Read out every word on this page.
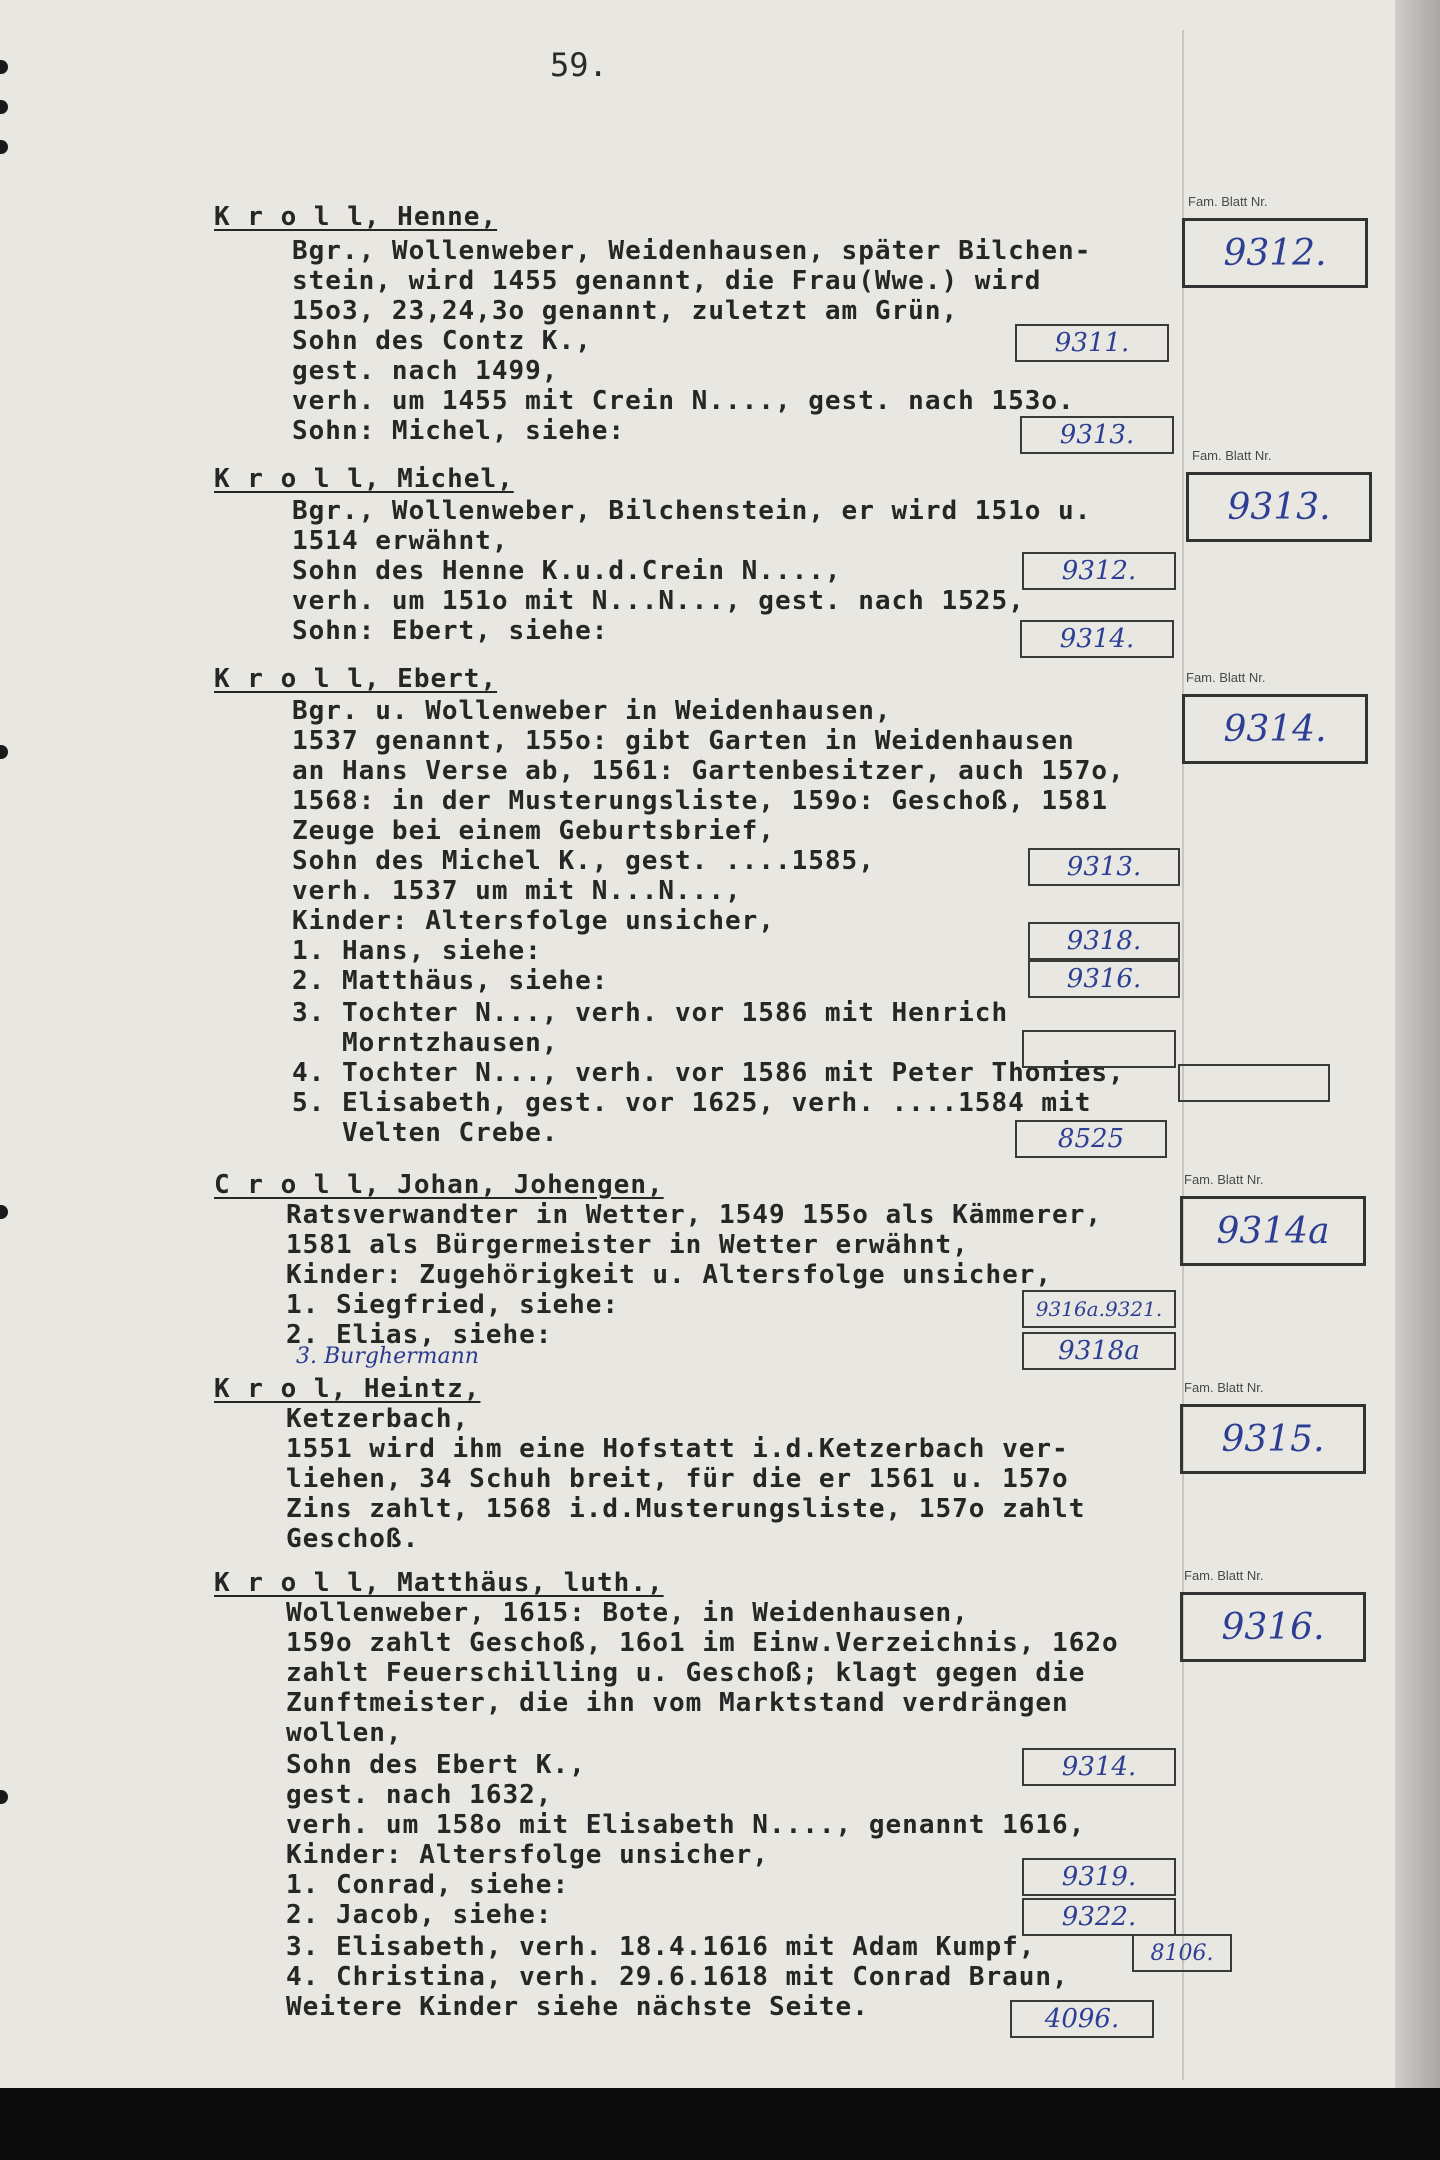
59.
K r o l l, Henne,
Bgr., Wollenweber, Weidenhausen, später Bilchen-
stein, wird 1455 genannt, die Frau(Wwe.) wird
15o3, 23,24,3o genannt, zuletzt am Grün,
Sohn des Contz K.,
gest. nach 1499,
verh. um 1455 mit Crein N...., gest. nach 153o.
Sohn: Michel, siehe:
Fam. Blatt Nr.
9312.
9311.
9313.
K r o l l, Michel,
Bgr., Wollenweber, Bilchenstein, er wird 151o u.
1514 erwähnt,
Sohn des Henne K.u.d.Crein N....,
verh. um 151o mit N...N..., gest. nach 1525,
Sohn: Ebert, siehe:
Fam. Blatt Nr.
9313.
9312.
9314.
K r o l l, Ebert,
Bgr. u. Wollenweber in Weidenhausen,
1537 genannt, 155o: gibt Garten in Weidenhausen
an Hans Verse ab, 1561: Gartenbesitzer, auch 157o,
1568: in der Musterungsliste, 159o: Geschoß, 1581
Zeuge bei einem Geburtsbrief,
Sohn des Michel K., gest. ....1585,
verh. 1537 um mit N...N...,
Kinder: Altersfolge unsicher,
1. Hans, siehe:
2. Matthäus, siehe:
3. Tochter N..., verh. vor 1586 mit Henrich
Morntzhausen,
4. Tochter N..., verh. vor 1586 mit Peter Thonies,
5. Elisabeth, gest. vor 1625, verh. ....1584 mit
Velten Crebe.
Fam. Blatt Nr.
9314.
9313.
9318.
9316.
8525
C r o l l, Johan, Johengen,
Ratsverwandter in Wetter, 1549 155o als Kämmerer,
1581 als Bürgermeister in Wetter erwähnt,
Kinder: Zugehörigkeit u. Altersfolge unsicher,
1. Siegfried, siehe:
2. Elias, siehe:
3. Burghermann
Fam. Blatt Nr.
9314a
9316a.9321.
9318a
K r o l, Heintz,
Ketzerbach,
1551 wird ihm eine Hofstatt i.d.Ketzerbach ver-
liehen, 34 Schuh breit, für die er 1561 u. 157o
Zins zahlt, 1568 i.d.Musterungsliste, 157o zahlt
Geschoß.
Fam. Blatt Nr.
9315.
K r o l l, Matthäus, luth.,
Wollenweber, 1615: Bote, in Weidenhausen,
159o zahlt Geschoß, 16o1 im Einw.Verzeichnis, 162o
zahlt Feuerschilling u. Geschoß; klagt gegen die
Zunftmeister, die ihn vom Marktstand verdrängen
wollen,
Sohn des Ebert K.,
gest. nach 1632,
verh. um 158o mit Elisabeth N...., genannt 1616,
Kinder: Altersfolge unsicher,
1. Conrad, siehe:
2. Jacob, siehe:
3. Elisabeth, verh. 18.4.1616 mit Adam Kumpf,
4. Christina, verh. 29.6.1618 mit Conrad Braun,
Weitere Kinder siehe nächste Seite.
Fam. Blatt Nr.
9316.
9314.
9319.
9322.
8106.
4096.
